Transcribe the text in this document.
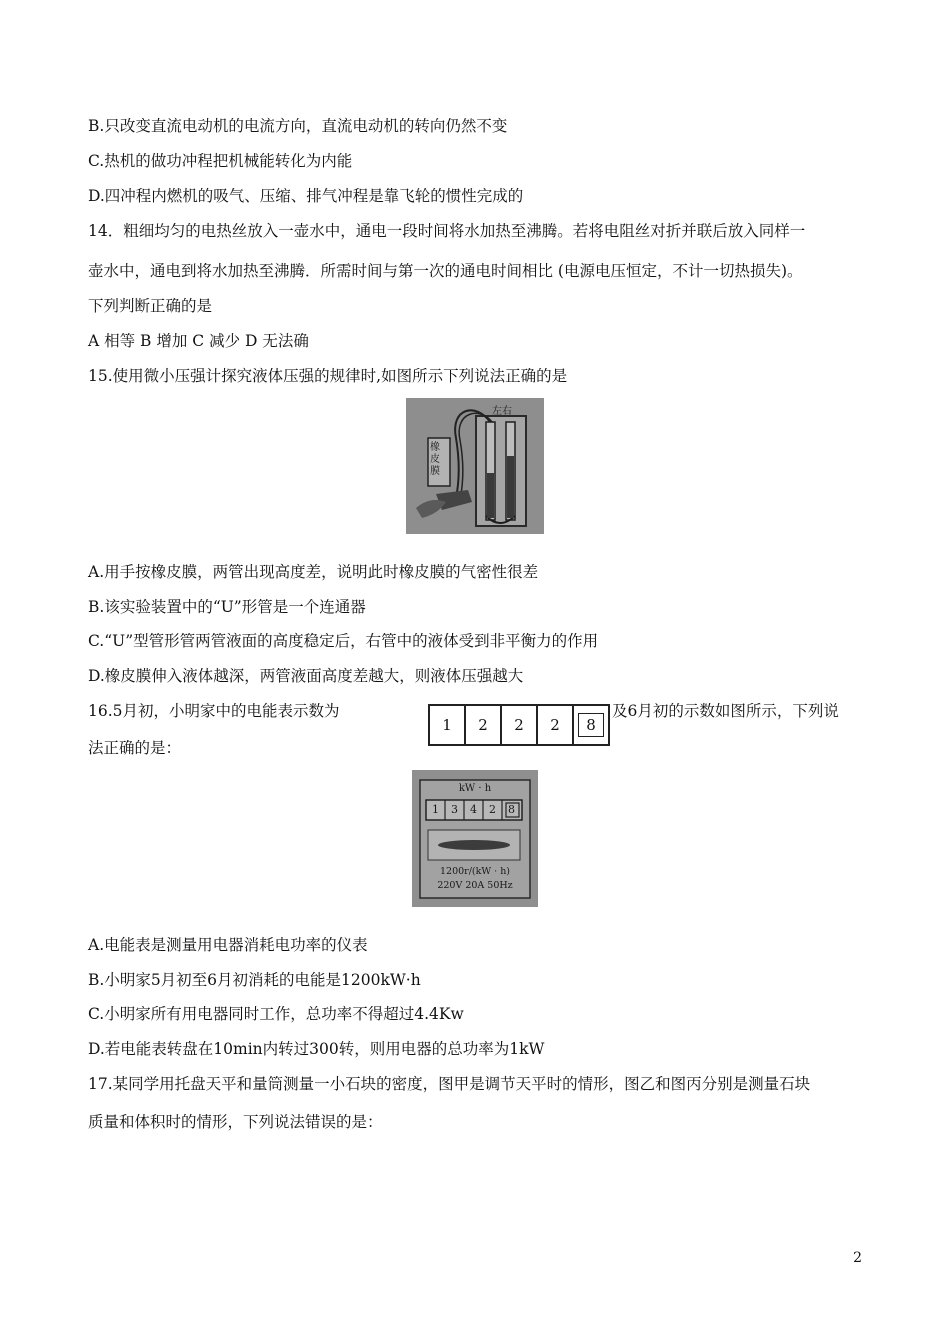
B.只改变直流电动机的电流方向，直流电动机的转向仍然不变
C.热机的做功冲程把机械能转化为内能
D.四冲程内燃机的吸气、压缩、排气冲程是靠飞轮的惯性完成的
14．粗细均匀的电热丝放入一壶水中，通电一段时间将水加热至沸腾。若将电阻丝对折并联后放入同样一
壶水中，通电到将水加热至沸腾．所需时间与第一次的通电时间相比 (电源电压恒定，不计一切热损失)。
下列判断正确的是
A 相等 B 增加 C 减少 D 无法确
15.使用微小压强计探究液体压强的规律时,如图所示下列说法正确的是
橡皮膜
左右
A.用手按橡皮膜，两管出现高度差，说明此时橡皮膜的气密性很差
B.该实验装置中的“U”形管是一个连通器
C.“U”型管形管两管液面的高度稳定后，右管中的液体受到非平衡力的作用
D.橡皮膜伸入液体越深，两管液面高度差越大，则液体压强越大
16.5月初，小明家中的电能表示数为	及6月初的示数如图所示，下列说
法正确的是：
1 2 2 2	8
kW · h
1	3	4	2	8
1200r/(kW · h)
220V 20A 50Hz
A.电能表是测量用电器消耗电功率的仪表
B.小明家5月初至6月初消耗的电能是1200kW·h
C.小明家所有用电器同时工作，总功率不得超过4.4Kw
D.若电能表转盘在10min内转过300转，则用电器的总功率为1kW
17.某同学用托盘天平和量筒测量一小石块的密度，图甲是调节天平时的情形，图乙和图丙分别是测量石块
质量和体积时的情形，下列说法错误的是：
2
